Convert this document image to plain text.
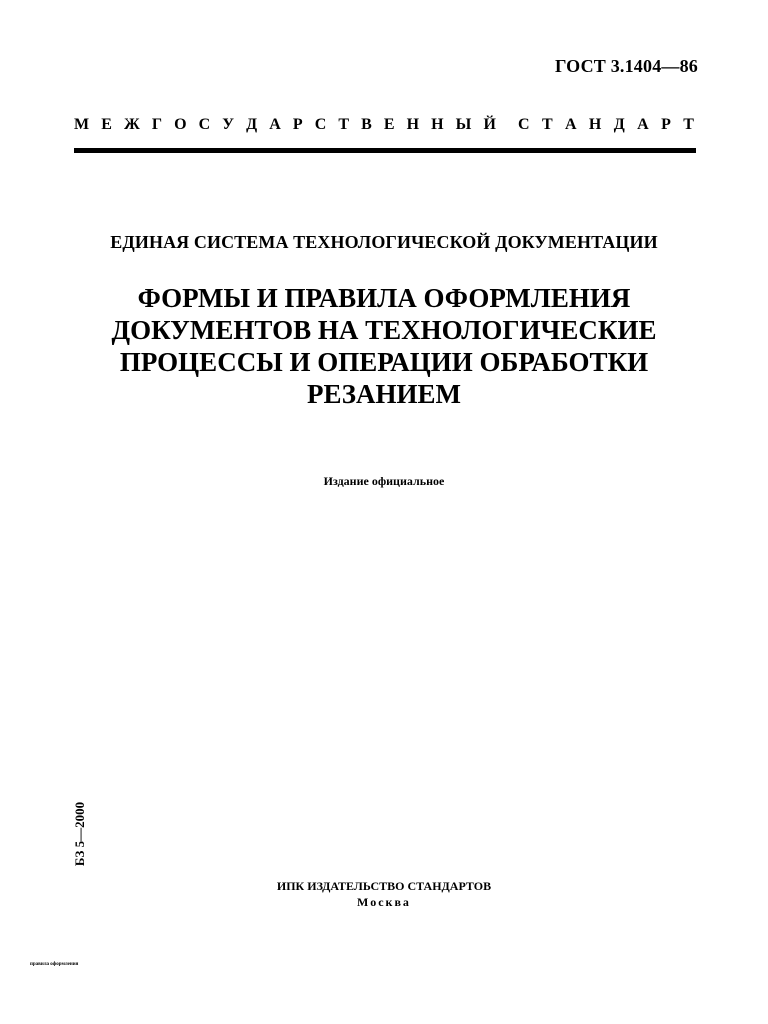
ГОСТ 3.1404—86
М Е Ж Г О С У Д А Р С Т В Е Н Н Ы Й С Т А Н Д А Р Т
ЕДИНАЯ СИСТЕМА ТЕХНОЛОГИЧЕСКОЙ ДОКУМЕНТАЦИИ
ФОРМЫ И ПРАВИЛА ОФОРМЛЕНИЯ
ДОКУМЕНТОВ НА ТЕХНОЛОГИЧЕСКИЕ
ПРОЦЕССЫ И ОПЕРАЦИИ ОБРАБОТКИ
РЕЗАНИЕМ
Издание официальное
БЗ 5—2000
ИПК ИЗДАТЕЛЬСТВО СТАНДАРТОВ
Москва
правила оформления
